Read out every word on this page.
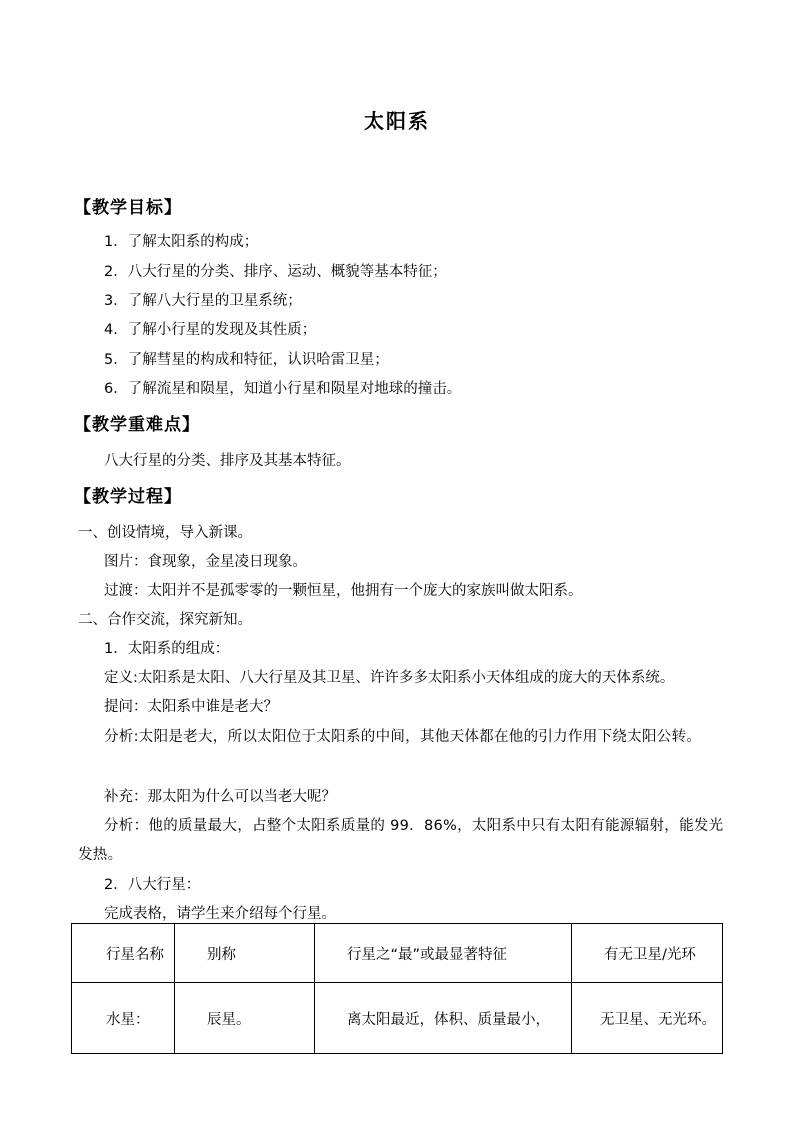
太阳系
【教学目标】
1．了解太阳系的构成；
2．八大行星的分类、排序、运动、概貌等基本特征；
3．了解八大行星的卫星系统；
4．了解小行星的发现及其性质；
5．了解彗星的构成和特征，认识哈雷卫星；
6．了解流星和陨星，知道小行星和陨星对地球的撞击。
【教学重难点】
八大行星的分类、排序及其基本特征。
【教学过程】
一、创设情境，导入新课。
图片：食现象，金星凌日现象。
过渡：太阳并不是孤零零的一颗恒星，他拥有一个庞大的家族叫做太阳系。
二、合作交流，探究新知。
1．太阳系的组成：
定义:太阳系是太阳、八大行星及其卫星、许许多多太阳系小天体组成的庞大的天体系统。
提问：太阳系中谁是老大？
分析:太阳是老大，所以太阳位于太阳系的中间，其他天体都在他的引力作用下绕太阳公转。
补充：那太阳为什么可以当老大呢？
分析：他的质量最大，占整个太阳系质量的 99．86%，太阳系中只有太阳有能源辐射，能发光发热。
2．八大行星：
完成表格，请学生来介绍每个行星。
行星名称	别称	行星之“最”或最显著特征	有无卫星/光环
水星：	辰星。	离太阳最近，体积、质量最小，	无卫星、无光环。
